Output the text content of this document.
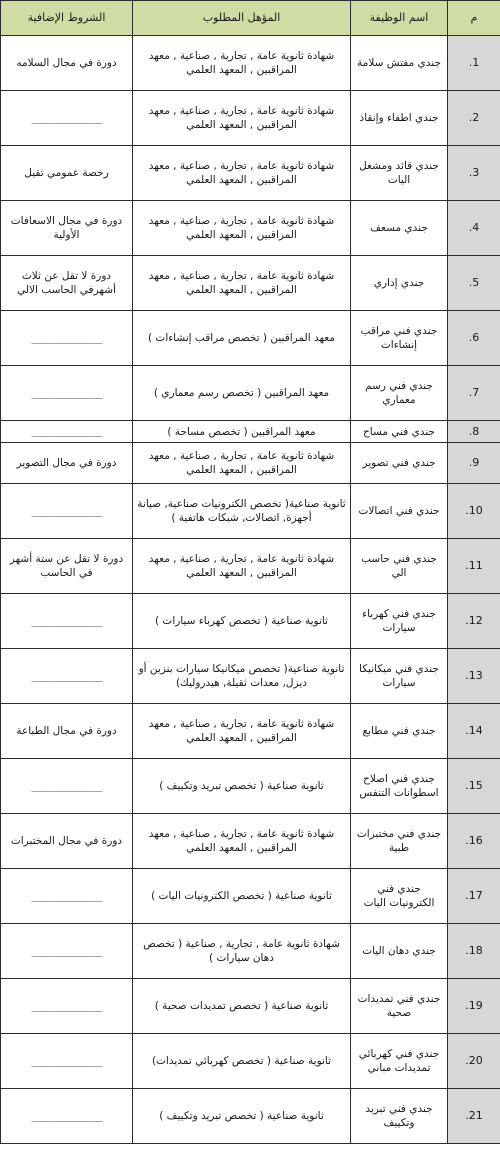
م	اسم الوظيفة	المؤهل المطلوب	الشروط الإضافية
.1	جندي مفتش سلامة	شهادة ثانوية عامة , تجارية , صناعية , معهد المراقبين , المعهد العلمي	دورة في مجال السلامه
.2	جندي اطفاء وإنقاذ	شهادة ثانوية عامة , تجارية , صناعية , معهد المراقبين , المعهد العلمي	______________
.3	جندي قائد ومشغل اليات	شهادة ثانوية عامة , تجارية , صناعية , معهد المراقبين , المعهد العلمي	رخصة عمومي ثقيل
.4	جندي مسعف	شهادة ثانوية عامة , تجارية , صناعية , معهد المراقبين , المعهد العلمي	دورة في مجال الاسعافات الأولية
.5	جندي إداري	شهادة ثانوية عامة , تجارية , صناعية , معهد المراقبين , المعهد العلمي	دورة لا تقل عن ثلاث أشهرفي الحاسب الالي
.6	جندي فني مراقب إنشاءات	معهد المراقبين ( تخصص مراقب إنشاءات )	______________
.7	جندي فني رسم معماري	معهد المراقبين ( تخصص رسم معماري )	______________
.8	جندي فني مساح	معهد المراقبين ( تخصص مساحة )	______________
.9	جندي فني تصوير	شهادة ثانوية عامة , تجارية , صناعية , معهد المراقبين , المعهد العلمي	دورة في مجال التصوير
.10	جندي فني اتصالات	ثانوية صناعية( تخصص الكترونيات صناعية, صيانة أجهزة, اتصالات, شبكات هاتفية )	______________
.11	جندي فني حاسب الي	شهادة ثانوية عامة , تجارية , صناعية , معهد المراقبين , المعهد العلمي	دورة لا تقل عن ستة أشهر في الحاسب
.12	جندي فني كهرباء سيارات	ثانوية صناعية ( تخصص كهرباء سيارات )	______________
.13	جندي فني ميكانيكا سيارات	ثانوية صناعية( تخصص ميكانيكا سيارات بنزين أو ديزل, معدات ثقيلة, هيدروليك)	______________
.14	جندي فني مطابع	شهادة ثانوية عامة , تجارية , صناعية , معهد المراقبين , المعهد العلمي	دورة في مجال الطباعة
.15	جندي فني اصلاح اسطوانات التنفس	ثانوية صناعية ( تخصص تبريد وتكييف )	______________
.16	جندي فني مختبرات طبية	شهادة ثانوية عامة , تجارية , صناعية , معهد المراقبين , المعهد العلمي	دورة في مجال المختبرات
.17	جندي فني الكترونيات اليات	ثانوية صناعية ( تخصص الكترونيات اليات )	______________
.18	جندي دهان اليات	شهادة ثانوية عامة , تجارية , صناعية ( تخصص دهان سيارات )	______________
.19	جندي فني تمديدات صحية	ثانوية صناعية ( تخصص تمديدات صحية )	______________
.20	جندي فني كهربائي تمديدات مباني	ثانوية صناعية ( تخصص كهربائي تمديدات)	______________
.21	جندي فني تبريد وتكييف	ثانوية صناعية ( تخصص تبريد وتكييف )	______________
